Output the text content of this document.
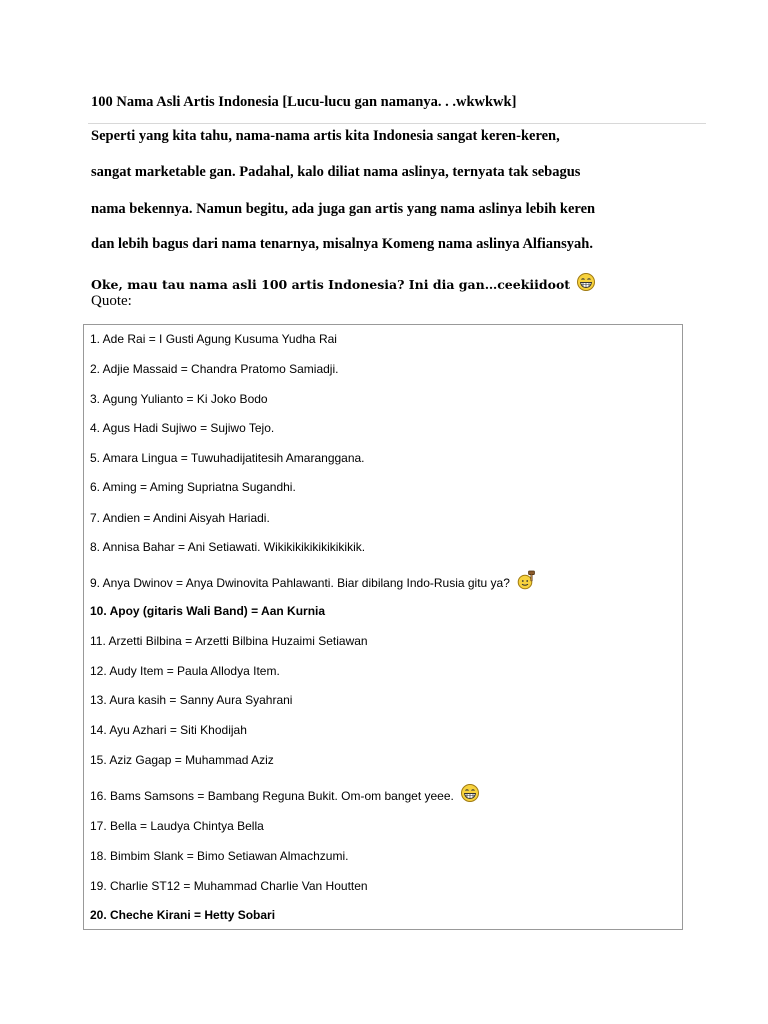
100 Nama Asli Artis Indonesia [Lucu-lucu gan namanya. . .wkwkwk]
Seperti yang kita tahu, nama-nama artis kita Indonesia sangat keren-keren,
sangat marketable gan. Padahal, kalo diliat nama aslinya, ternyata tak sebagus
nama bekennya. Namun begitu, ada juga gan artis yang nama aslinya lebih keren
dan lebih bagus dari nama tenarnya, misalnya Komeng nama aslinya Alfiansyah.
Oke, mau tau nama asli 100 artis Indonesia? Ini dia gan…ceekiidoot
Quote:
1. Ade Rai = I Gusti Agung Kusuma Yudha Rai
2. Adjie Massaid = Chandra Pratomo Samiadji.
3. Agung Yulianto = Ki Joko Bodo
4. Agus Hadi Sujiwo = Sujiwo Tejo.
5. Amara Lingua = Tuwuhadijatitesih Amaranggana.
6. Aming = Aming Supriatna Sugandhi.
7. Andien = Andini Aisyah Hariadi.
8. Annisa Bahar = Ani Setiawati. Wikikikikikikikikikik.
9. Anya Dwinov = Anya Dwinovita Pahlawanti. Biar dibilang Indo-Rusia gitu ya?
10. Apoy (gitaris Wali Band) = Aan Kurnia
11. Arzetti Bilbina = Arzetti Bilbina Huzaimi Setiawan
12. Audy Item = Paula Allodya Item.
13. Aura kasih = Sanny Aura Syahrani
14. Ayu Azhari = Siti Khodijah
15. Aziz Gagap = Muhammad Aziz
16. Bams Samsons = Bambang Reguna Bukit. Om-om banget yeee.
17. Bella = Laudya Chintya Bella
18. Bimbim Slank = Bimo Setiawan Almachzumi.
19. Charlie ST12 = Muhammad Charlie Van Houtten
20. Cheche Kirani = Hetty Sobari
